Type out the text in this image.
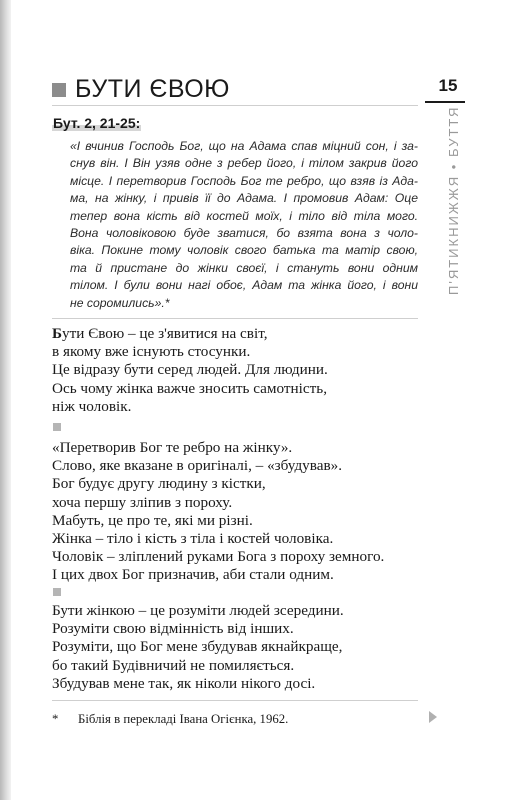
БУТИ ЄВОЮ	15
П'ЯТИКНИЖЖЯ • БУТТЯ
Бут. 2, 21-25:
«І вчинив Господь Бог, що на Адама спав міцний сон, і за-
снув він. І Він узяв одне з ребер його, і тілом закрив його
місце. І перетворив Господь Бог те ребро, що взяв із Ада-
ма, на жінку, і привів її до Адама. І промовив Адам: Оце
тепер вона кість від костей моїх, і тіло від тіла мого.
Вона чоловіковою буде зватися, бо взята вона з чоло-
віка. Покине тому чоловік свого батька та матір свою,
та й пристане до жінки своєї, і стануть вони одним
тілом. І були вони нагі обоє, Адам та жінка його, і вони
не соромились».*
Бути Євою – це з'явитися на світ,
в якому вже існують стосунки.
Це відразу бути серед людей. Для людини.
Ось чому жінка важче зносить самотність,
ніж чоловік.
«Перетворив Бог те ребро на жінку».
Слово, яке вказане в оригіналі, – «збудував».
Бог будує другу людину з кістки,
хоча першу зліпив з пороху.
Мабуть, це про те, які ми різні.
Жінка – тіло і кість з тіла і костей чоловіка.
Чоловік – зліплений руками Бога з пороху земного.
І цих двох Бог призначив, аби стали одним.
Бути жінкою – це розуміти людей зсередини.
Розуміти свою відмінність від інших.
Розуміти, що Бог мене збудував якнайкраще,
бо такий Будівничий не помиляється.
Збудував мене так, як ніколи нікого досі.
* Біблія в перекладі Івана Огієнка, 1962.
